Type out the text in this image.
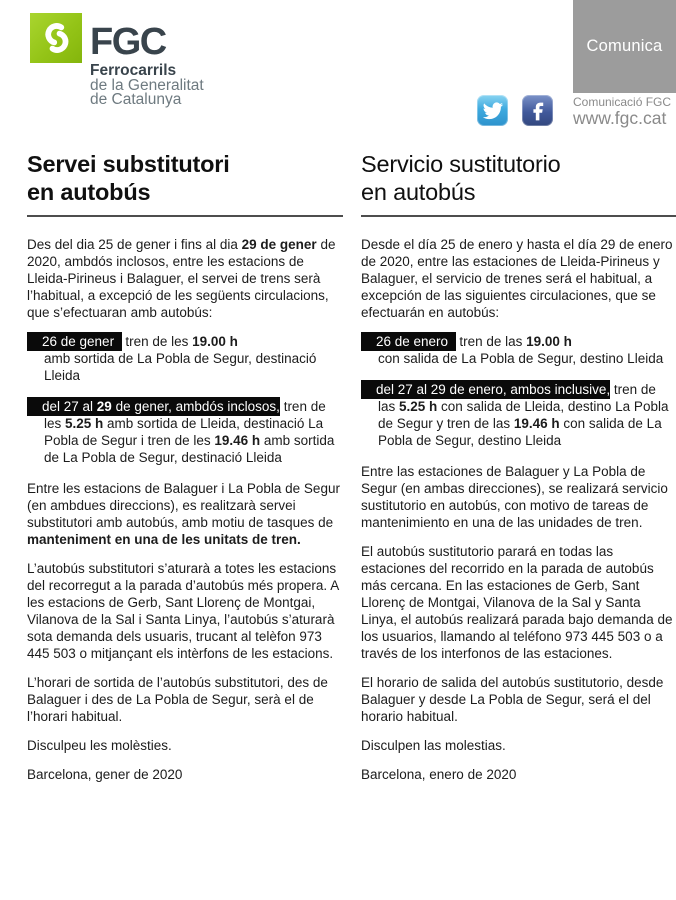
FGC
Ferrocarrils
de la Generalitat
de Catalunya
Comunica
Comunicació FGC
www.fgc.cat
Servei substitutori
en autobús

Des del dia 25 de gener i fins al dia 29 de gener de 2020, ambdós inclosos, entre les estacions de Lleida-Pirineus i Balaguer, el servei de trens serà l’habitual, a excepció de les següents circulacions, que s’efectuaran amb autobús:

26 de gener   tren de les 19.00 h
amb sortida de La Pobla de Segur, destinació Lleida

del 27 al 29 de gener, ambdós inclosos, tren de les 5.25 h amb sortida de Lleida, destinació La Pobla de Segur i tren de les 19.46 h amb sortida de La Pobla de Segur, destinació Lleida

Entre les estacions de Balaguer i La Pobla de Segur (en ambdues direccions), es realitzarà servei substitutori amb autobús, amb motiu de tasques de manteniment en una de les unitats de tren.

L’autobús substitutori s’aturarà a totes les estacions del recorregut a la parada d’autobús més propera. A les estacions de Gerb, Sant Llorenç de Montgai, Vilanova de la Sal i Santa Linya, l’autobús s’aturarà sota demanda dels usuaris, trucant al telèfon 973 445 503 o mitjançant els intèrfons de les estacions.

L’horari de sortida de l’autobús substitutori, des de Balaguer i des de La Pobla de Segur, serà el de l’horari habitual.

Disculpeu les molèsties.

Barcelona, gener de 2020

Servicio sustitutorio
en autobús

Desde el día 25 de enero y hasta el día 29 de enero de 2020, entre las estaciones de Lleida-Pirineus y Balaguer, el servicio de trenes será el habitual, a excepción de las siguientes circulaciones, que se efectuarán en autobús:

26 de enero   tren de las 19.00 h
con salida de La Pobla de Segur, destino Lleida

del 27 al 29 de enero, ambos inclusive, tren de las 5.25 h con salida de Lleida, destino La Pobla de Segur y tren de las 19.46 h con salida de La Pobla de Segur, destino Lleida

Entre las estaciones de Balaguer y La Pobla de Segur (en ambas direcciones), se realizará servicio sustitutorio en autobús, con motivo de tareas de mantenimiento en una de las unidades de tren.

El autobús sustitutorio parará en todas las estaciones del recorrido en la parada de autobús más cercana. En las estaciones de Gerb, Sant Llorenç de Montgai, Vilanova de la Sal y Santa Linya, el autobús realizará parada bajo demanda de los usuarios, llamando al teléfono 973 445 503 o a través de los interfonos de las estaciones.

El horario de salida del autobús sustitutorio, desde Balaguer y desde La Pobla de Segur, será el del horario habitual.

Disculpen las molestias.

Barcelona, enero de 2020
